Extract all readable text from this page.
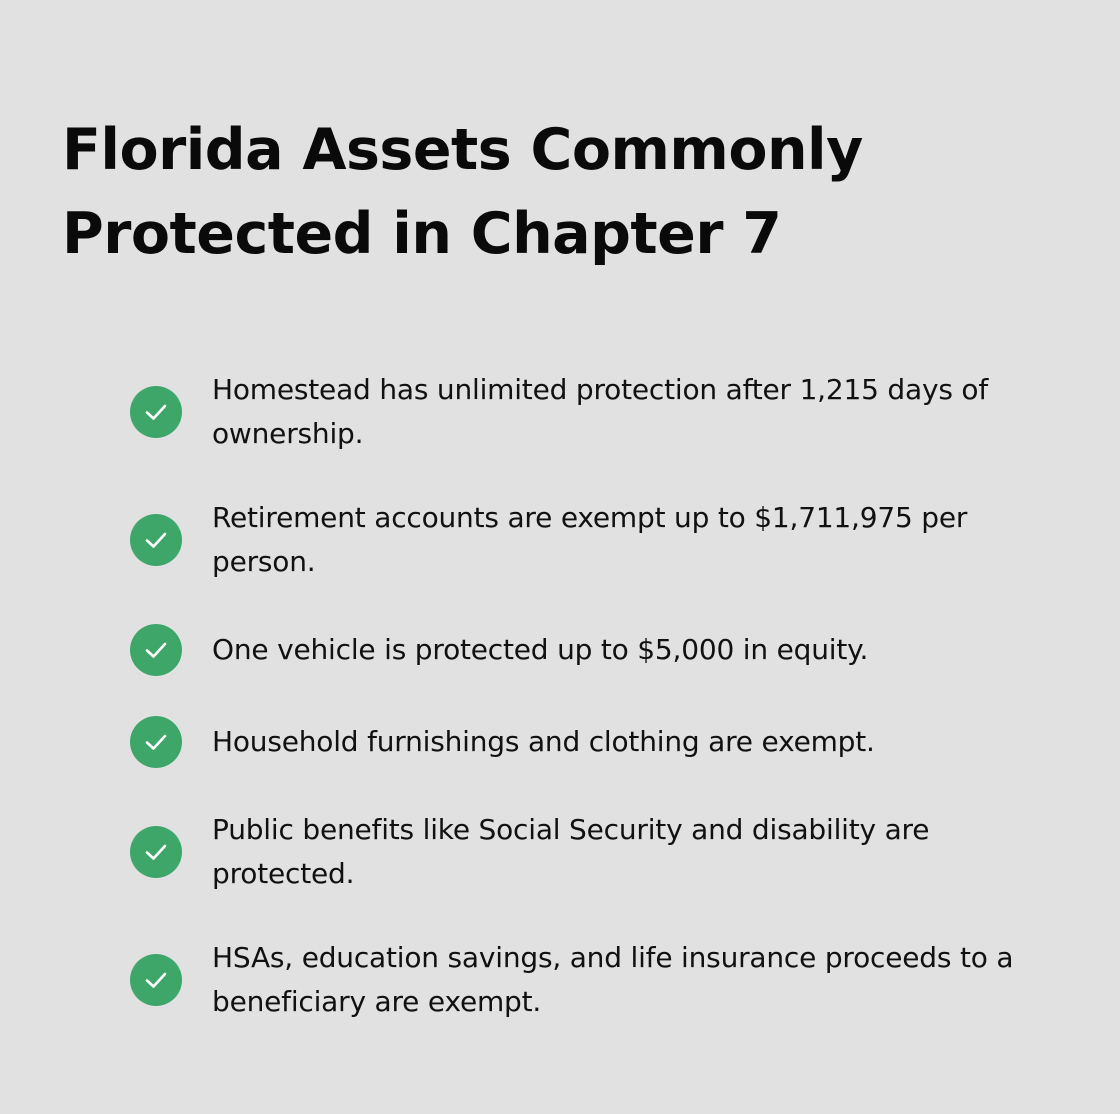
Florida Assets Commonly Protected in Chapter 7
Homestead has unlimited protection after 1,215 days of ownership.
Retirement accounts are exempt up to $1,711,975 per person.
One vehicle is protected up to $5,000 in equity.
Household furnishings and clothing are exempt.
Public benefits like Social Security and disability are protected.
HSAs, education savings, and life insurance proceeds to a beneficiary are exempt.
